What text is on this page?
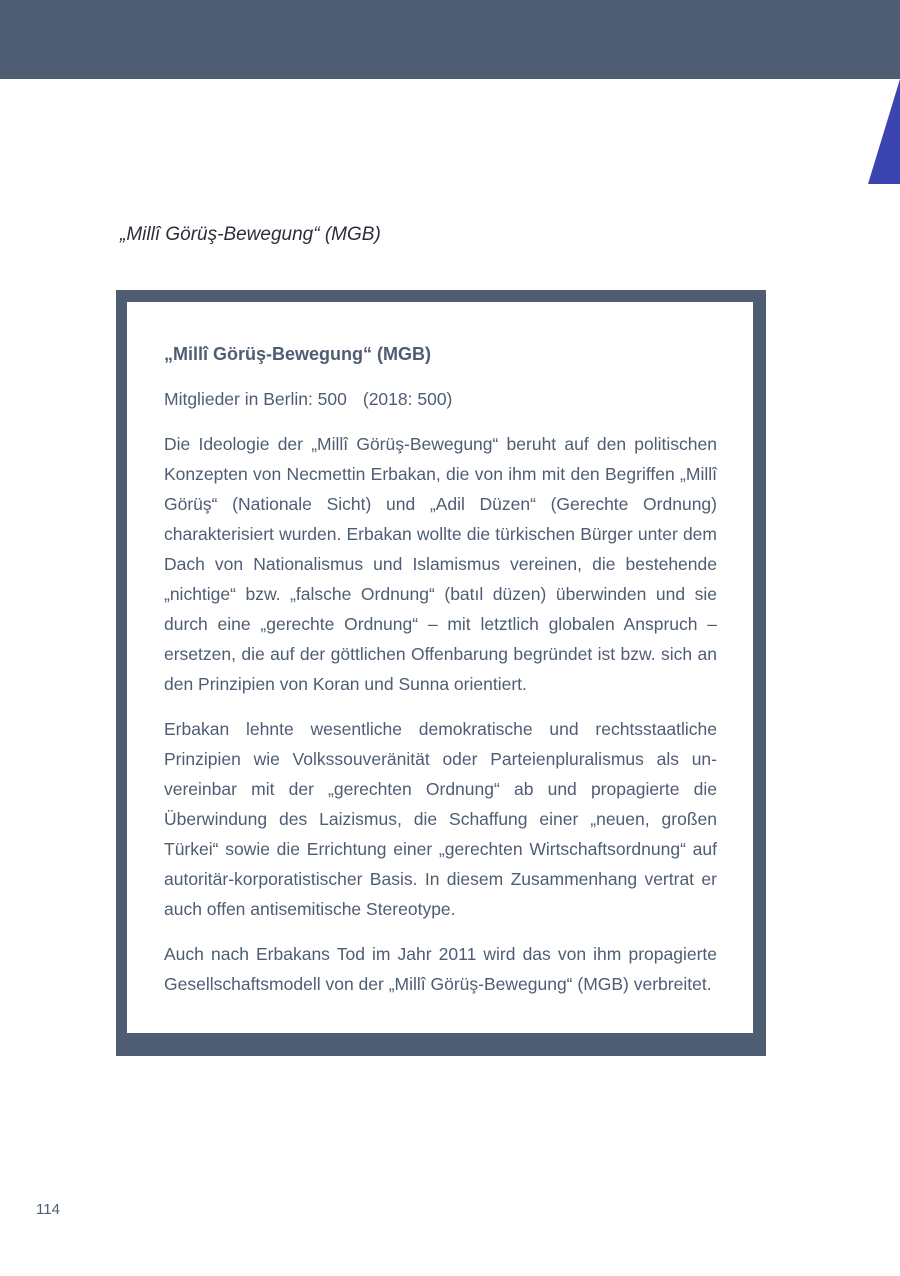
„Millî Görüş-Bewegung“ (MGB)
„Millî Görüş-Bewegung“ (MGB)
Mitglieder in Berlin: 500 (2018: 500)

Die Ideologie der „Millî Görüş-Bewegung“ beruht auf den politischen Konzepten von Necmettin Erbakan, die von ihm mit den Begriffen „Millî Görüş“ (Nationale Sicht) und „Adil Düzen“ (Gerechte Ordnung) charakterisiert wurden. Erbakan wollte die türkischen Bürger unter dem Dach von Nationalismus und Islamismus vereinen, die bestehende „nichtige“ bzw. „falsche Ordnung“ (batıl düzen) überwinden und sie durch eine „gerechte Ordnung“ – mit letztlich globalen Anspruch – ersetzen, die auf der göttlichen Offenbarung begründet ist bzw. sich an den Prinzipien von Koran und Sunna orientiert.

Erbakan lehnte wesentliche demokratische und rechtsstaatliche Prinzipien wie Volkssouveränität oder Parteienpluralismus als unvereinbar mit der „gerechten Ordnung“ ab und propagierte die Überwindung des Laizismus, die Schaffung einer „neuen, großen Türkei“ sowie die Errichtung einer „gerechten Wirtschaftsordnung“ auf autoritär-korporatistischer Basis. In diesem Zusammenhang vertrat er auch offen antisemitische Stereotype.

Auch nach Erbakans Tod im Jahr 2011 wird das von ihm propagierte Gesellschaftsmodell von der „Millî Görüş-Bewegung“ (MGB) verbreitet.

114
